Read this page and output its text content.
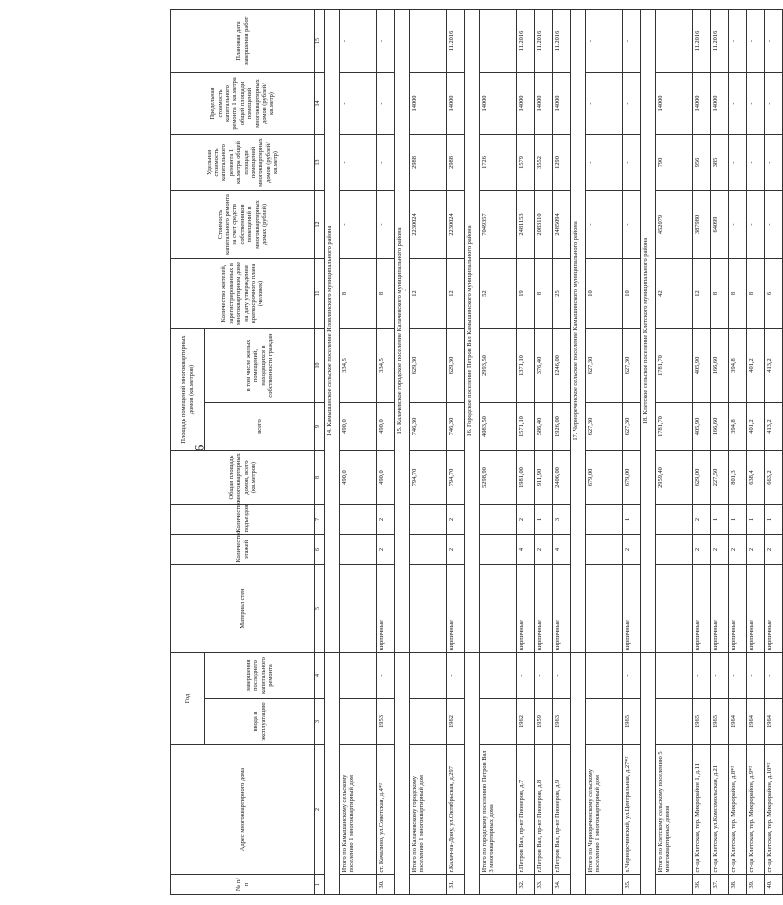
6
·
№ п/п	Адрес многоквартирного дома	Год		Материал стен	Количество этажей	Количество подъездов	Общая площадь многоквартирных домов, всего (кв.метров)	Площадь помещений многоквартирных домов (кв.метров)		Количество жителей, зарегистрированных в многоквартирном доме на дату утверждения краткосрочного плана (человек)	Стоимость капитального ремонта за счет средств собственников помещений в многоквартирных домах (рублей)	Удельная стоимость капитального ремонта 1 кв.метра общей площади помещений многоквартирных домов (рублей/кв.метр)	Предельная стоимость капитального ремонта 1 кв.метра общей площади помещений многоквартирных домов (рублей/кв.метр)	Плановая дата завершения работ
		ввода в эксплуатацию	завершения последнего капитального ремонта					всего	в том числе жилых помещений, находящихся в собственности граждан					
1	2	3	4	5	6	7	8	9	10	11	12	13	14	15
				14. Камышанское сельское поселение Иловлинского муниципального района										
	Итого по Камышанскому сельскому поселению 1 многоквартирный дом						490,0	490,0	334,5	8	-	-	-	-
30.	ст. Качалино, ул.Советская, д.4*²	1953	-	кирпичные	2	2	490,0	490,0	334,5	8	-	-	-	-
				15. Калачевское городское поселение Калачевского муниципального района										
	Итого по Калачевскому городскому поселению 1 многоквартирный дом						794,70	746,30	629,30	12	2230024	2988	14000	
31.	г.Калач-на-Дону, ул.Октябрьская, д.297	1962	-	кирпичные	2	2	794,70	746,30	629,30	12	2230024	2988	14000	11.2016
				16. Городское поселение Петров Вал Камышинского муниципального района										
	Итого по городскому поселению Петров Вал 3 многоквартирных дома						5298,90	4083,50	2993,50	52	7049357	1726	14000	
32.	г.Петров Вал, пр-кт Пионеров, д.7	1962	-	кирпичные	4	2	1981,00	1571,10	1371,10	19	2481153	1579	14000	11.2016
33.	г.Петров Вал, пр-кт Пионеров, д.8	1959	-	кирпичные	2	1	911,90	586,40	376,40	8	2083110	3552	14000	11.2016
34.	г.Петров Вал, пр-кт Пионеров, д.9	1963	-	кирпичные	4	3	2406,00	1926,00	1246,00	25	2485094	1290	14000	11.2016
				17. Чернореченское сельское поселение Камышинского муниципального района										
	Итого по Чернореченскому сельскому поселению 1 многоквартирный дом						679,00	627,30	627,30	10	-	-	-	-
35.	х.Чернорсчинский, ул.Центральная, д.27*²	1965	-	кирпичные	2	1	679,00	627,30	627,30	10	-	-	-	-
				18. Клетское сельское поселение Клетского муниципального района										
	Итого по Клетскому сельскому поселению 5 многоквартирных домов						2959,40	1781,70	1781,70	42	452079	790	14000	
36.	ст-ца Клетская, тер. Микрорайон 1, д.11	1965	-	кирпичные	2	2	629,00	405,90	405,90	12	387980	956	14000	11.2016
37.	ст-ца Клетская, ул.Комсомольская, д.21	1965	-	кирпичные	2	1	227,50	166,60	166,60	8	64099	385	14000	11.2016
38.	ст-ца Клетская, тер. Микрорайон, д.8*²	1964	-	кирпичные	2	1	801,3	394,8	394,8	8	-	-	-	-
39.	ст-ца Клетская, тер. Микрорайон, д.9*²	1964	-	кирпичные	2	1	638,4	401,2	401,2	8	-	-	-	-
40.	ст-ца Клетская, тер. Микрорайон, д.10*²	1964	-	кирпичные	2	1	663,2	413,2	413,2	6	-	-	-	-
